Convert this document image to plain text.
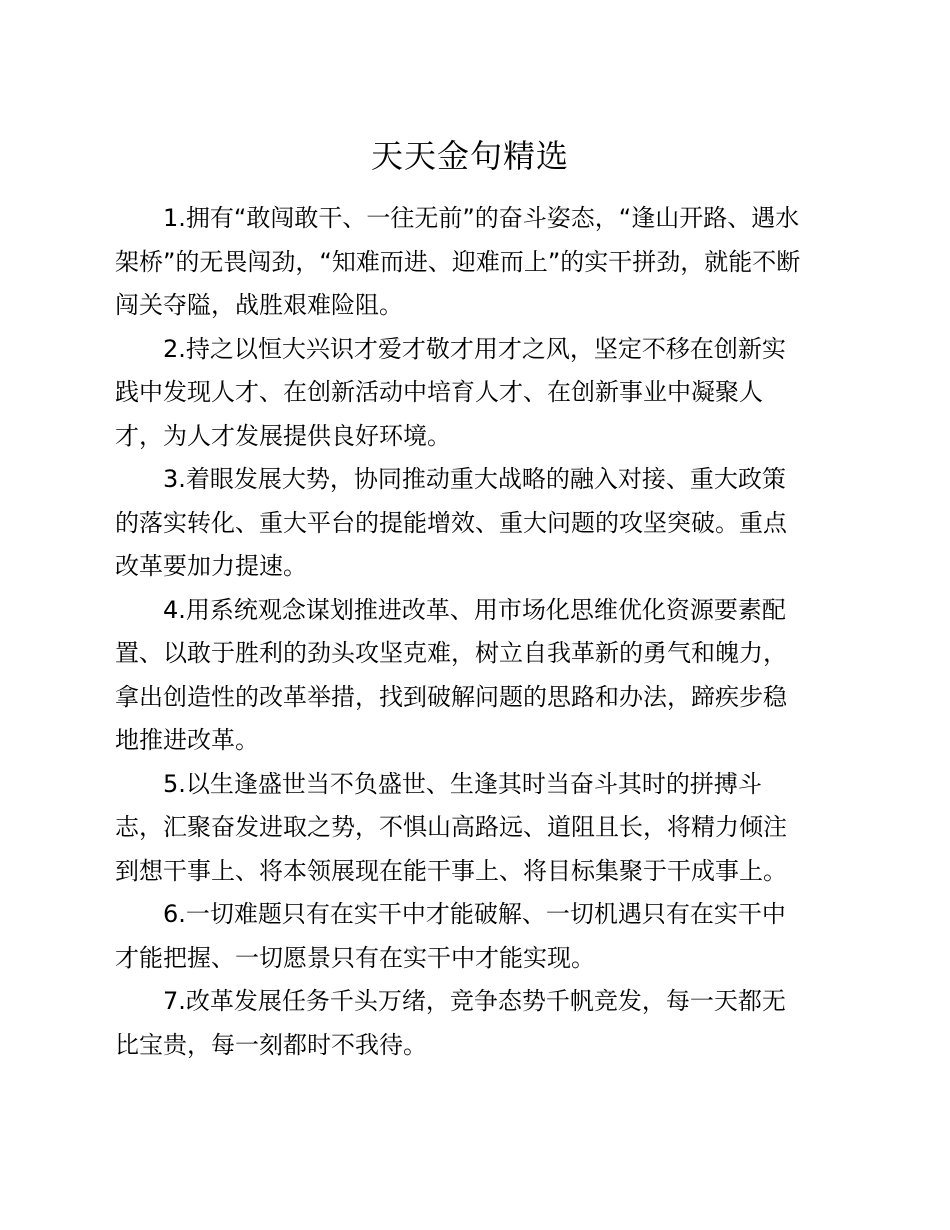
天天金句精选

1.拥有“敢闯敢干、一往无前”的奋斗姿态，“逢山开路、遇水
架桥”的无畏闯劲，“知难而进、迎难而上”的实干拼劲，就能不断
闯关夺隘，战胜艰难险阻。

2.持之以恒大兴识才爱才敬才用才之风，坚定不移在创新实
践中发现人才、在创新活动中培育人才、在创新事业中凝聚人
才，为人才发展提供良好环境。

3.着眼发展大势，协同推动重大战略的融入对接、重大政策
的落实转化、重大平台的提能增效、重大问题的攻坚突破。重点
改革要加力提速。

4.用系统观念谋划推进改革、用市场化思维优化资源要素配
置、以敢于胜利的劲头攻坚克难，树立自我革新的勇气和魄力，
拿出创造性的改革举措，找到破解问题的思路和办法，蹄疾步稳
地推进改革。

5.以生逢盛世当不负盛世、生逢其时当奋斗其时的拼搏斗
志，汇聚奋发进取之势，不惧山高路远、道阻且长，将精力倾注
到想干事上、将本领展现在能干事上、将目标集聚于干成事上。

6.一切难题只有在实干中才能破解、一切机遇只有在实干中
才能把握、一切愿景只有在实干中才能实现。

7.改革发展任务千头万绪，竞争态势千帆竞发，每一天都无
比宝贵，每一刻都时不我待。
